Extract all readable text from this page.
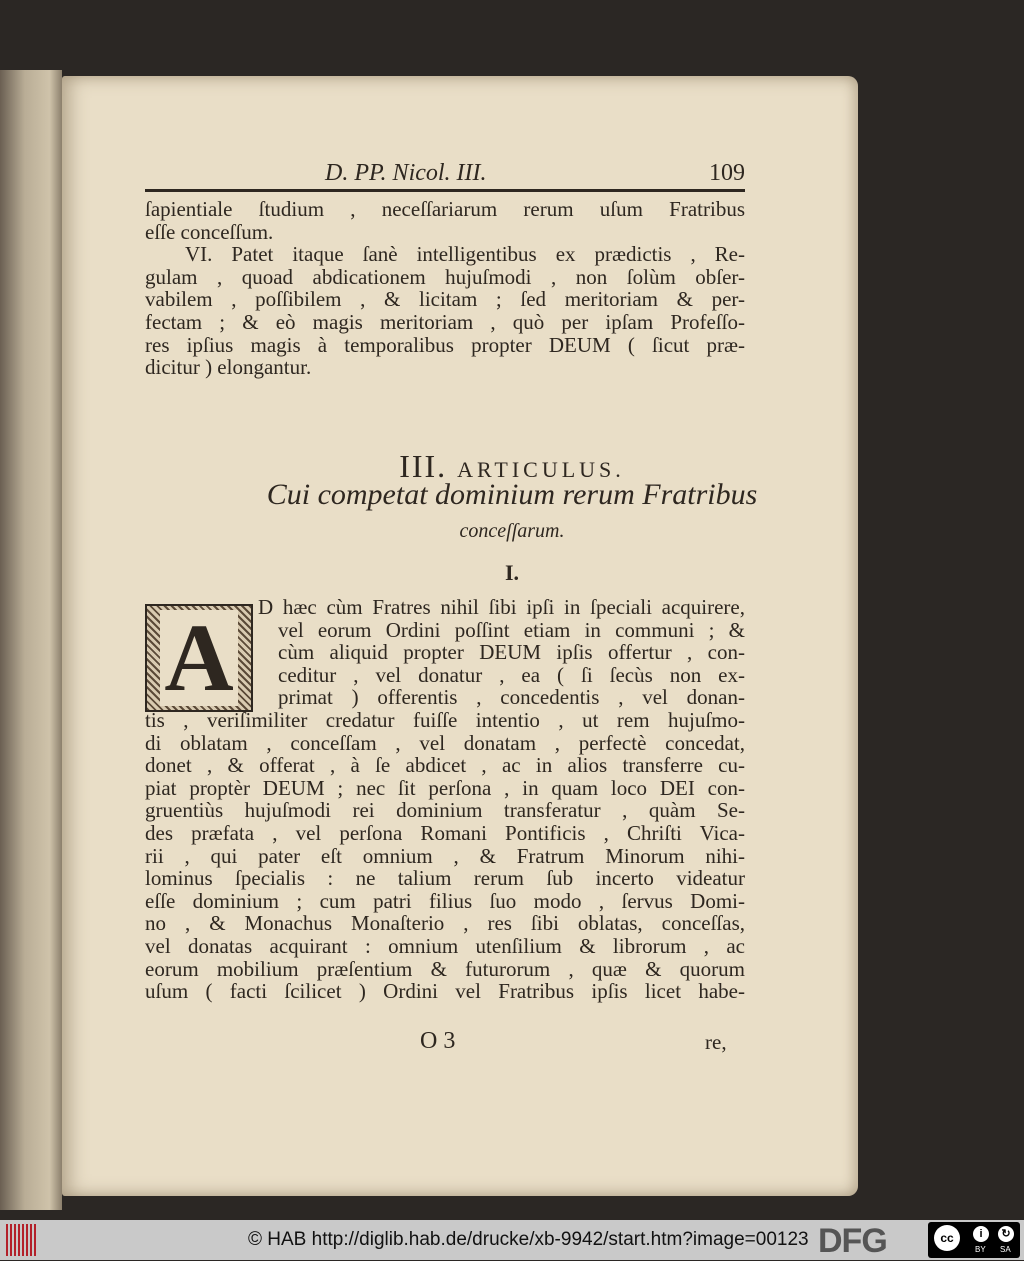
D. PP. Nicol. III.	109
ſapientiale ſtudium , neceſſariarum rerum uſum Fratribus
eſſe conceſſum.
VI. Patet itaque ſanè intelligentibus ex prædictis , Re-
gulam , quoad abdicationem hujuſmodi , non ſolùm obſer-
vabilem , poſſibilem , & licitam ; ſed meritoriam & per-
fectam ; & eò magis meritoriam , quò per ipſam Profeſſo-
res ipſius magis à temporalibus propter DEUM ( ſicut præ-
dicitur ) elongantur.
III. ARTICULUS.
Cui competat dominium rerum Fratribus
conceſſarum.
I.
A D hæc cùm Fratres nihil ſibi ipſi in ſpeciali acquirere,
vel eorum Ordini poſſint etiam in communi ; &
cùm aliquid propter DEUM ipſis offertur , con-
ceditur , vel donatur , ea ( ſi ſecùs non ex-
primat ) offerentis , concedentis , vel donan-
tis , veriſimiliter credatur fuiſſe intentio , ut rem hujuſmo-
di oblatam , conceſſam , vel donatam , perfectè concedat,
donet , & offerat , à ſe abdicet , ac in alios transferre cu-
piat proptèr DEUM ; nec ſit perſona , in quam loco DEI con-
gruentiùs hujuſmodi rei dominium transferatur , quàm Se-
des præfata , vel perſona Romani Pontificis , Chriſti Vica-
rii , qui pater eſt omnium , & Fratrum Minorum nihi-
lominus ſpecialis : ne talium rerum ſub incerto videatur
eſſe dominium ; cum patri filius ſuo modo , ſervus Domi-
no , & Monachus Monaſterio , res ſibi oblatas, conceſſas,
vel donatas acquirant : omnium utenſilium & librorum , ac
eorum mobilium præſentium & futurorum , quæ & quorum
uſum ( facti ſcilicet ) Ordini vel Fratribus ipſis licet habe-
O 3	re,
© HAB http://diglib.hab.de/drucke/xb-9942/start.htm?image=00123 DFG	cc	i	↻
BY SA
